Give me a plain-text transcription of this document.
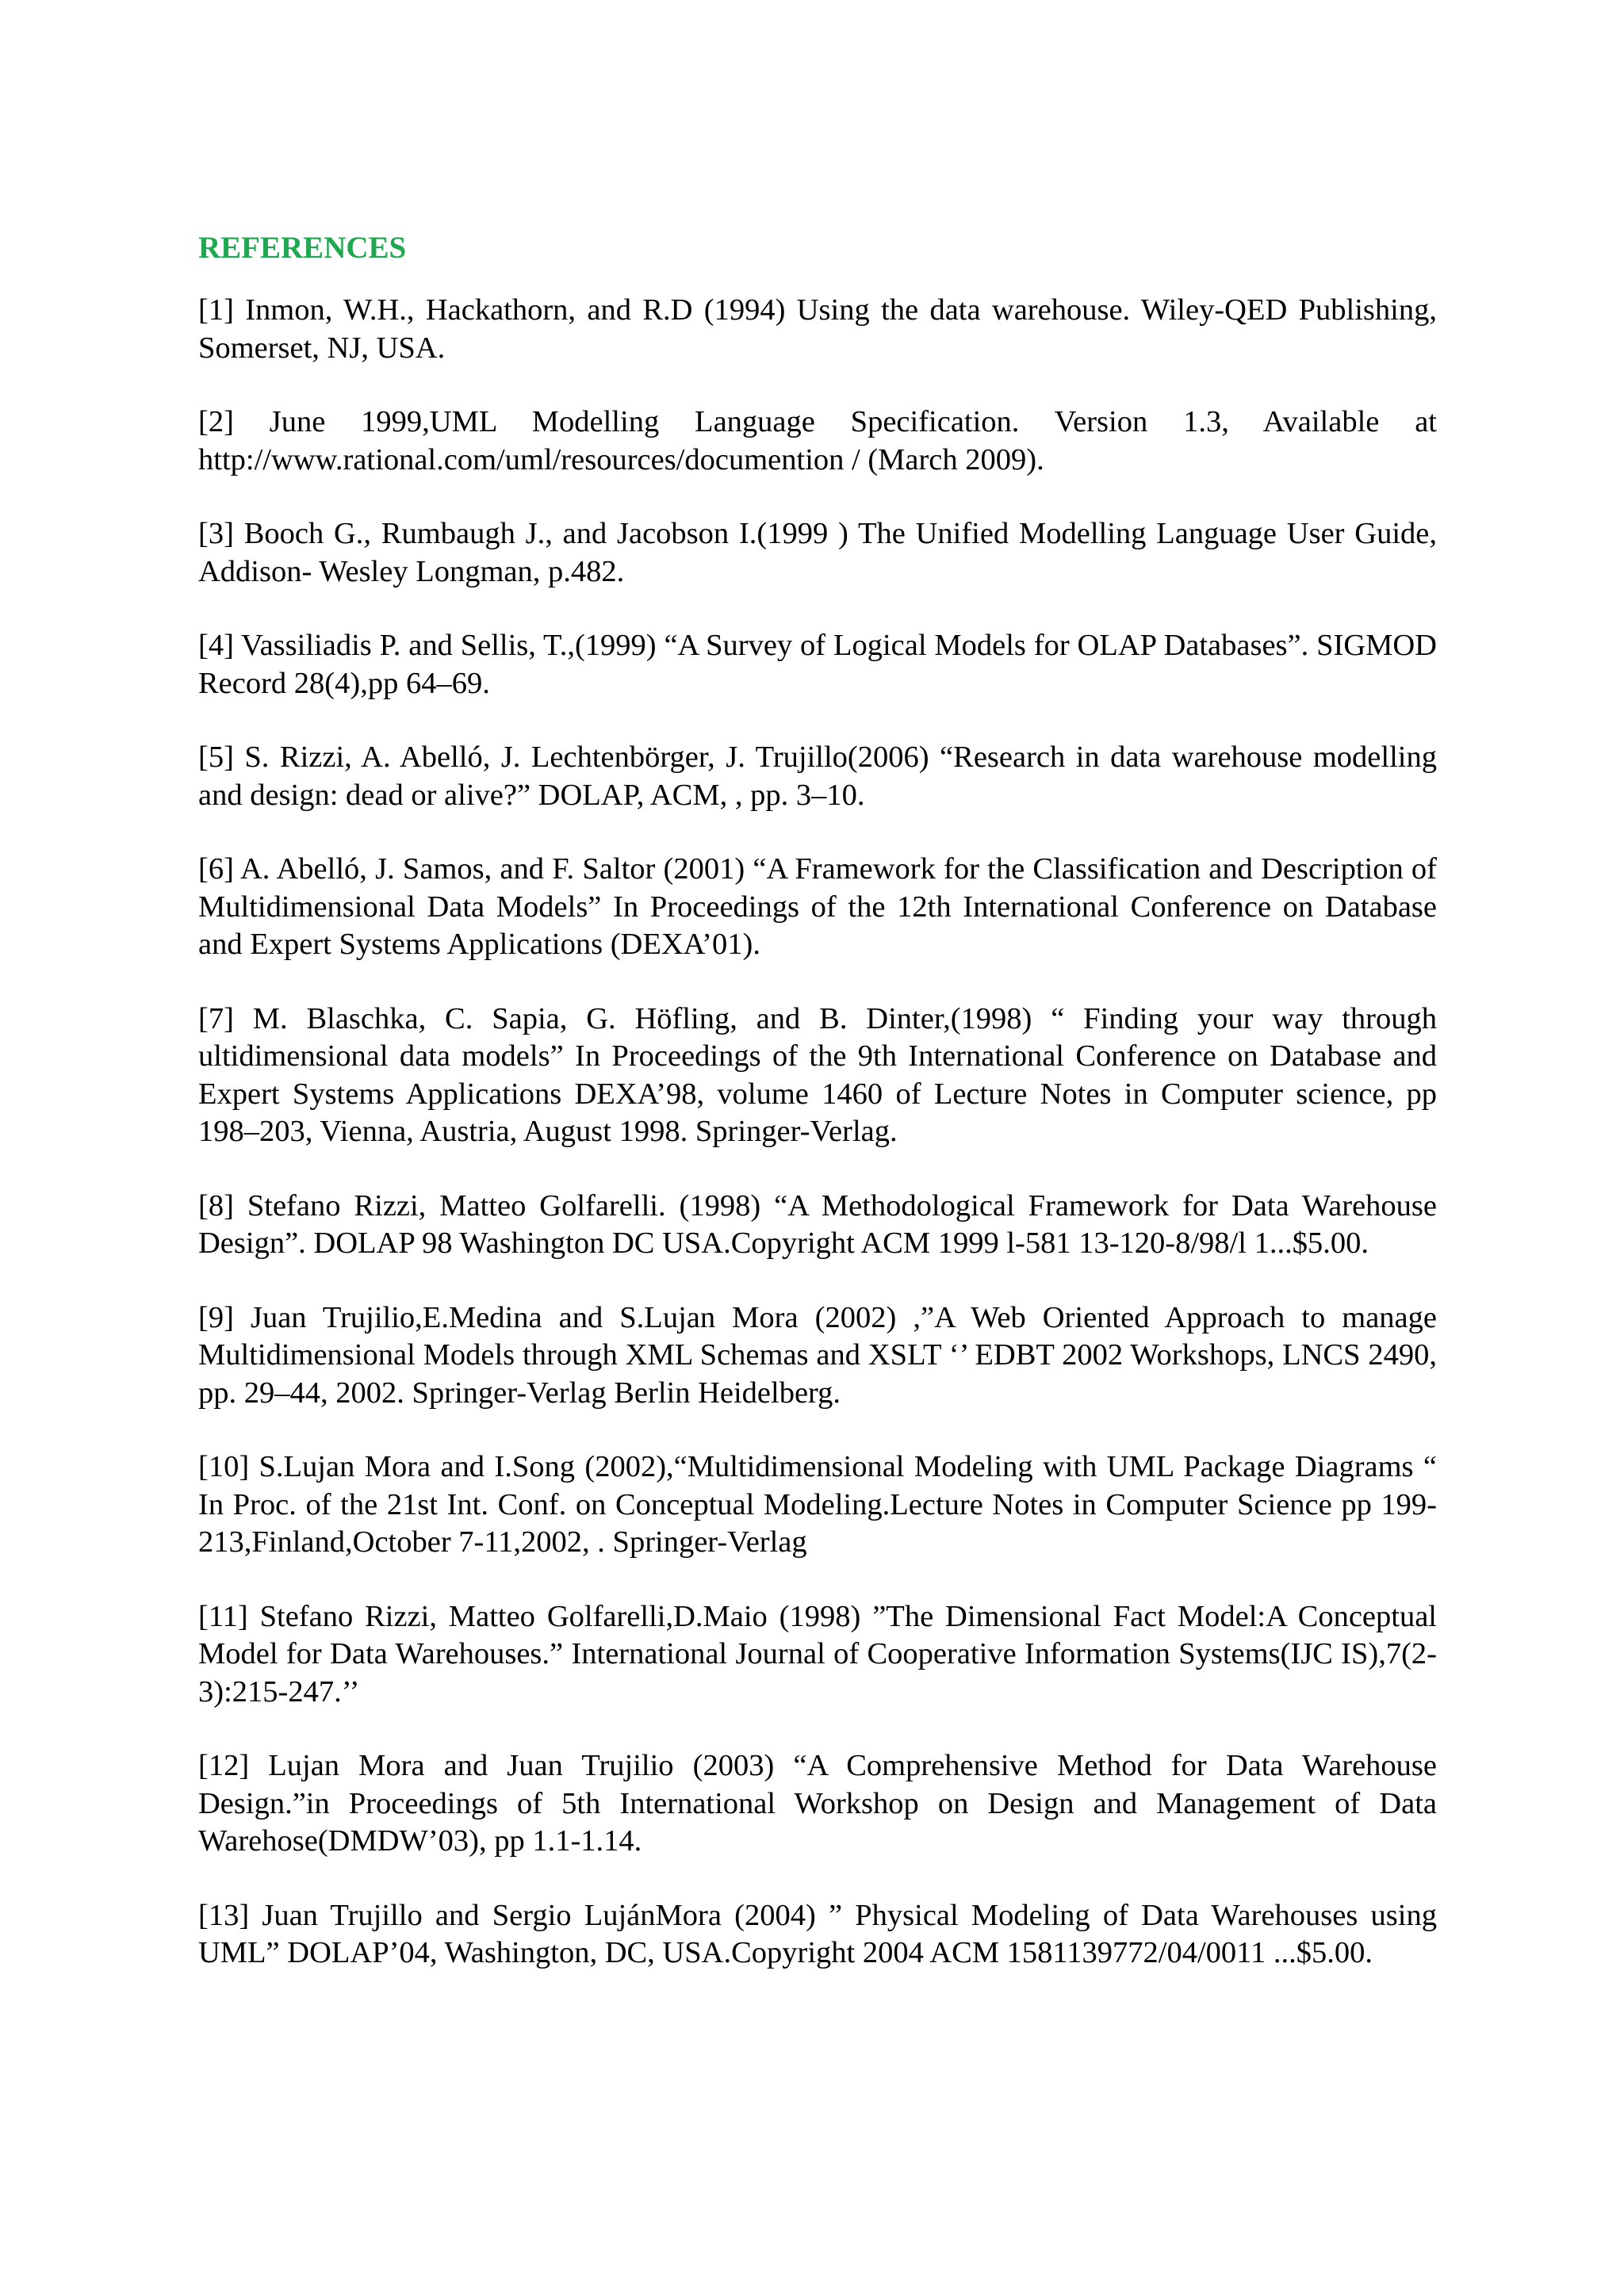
REFERENCES

[1] Inmon, W.H., Hackathorn, and R.D (1994) Using the data warehouse. Wiley-QED Publishing, Somerset, NJ, USA.

[2] June 1999,UML Modelling Language Specification. Version 1.3, Available at http://www.rational.com/uml/resources/documention / (March 2009).

[3] Booch G., Rumbaugh J., and Jacobson I.(1999 ) The Unified Modelling Language User Guide, Addison- Wesley Longman, p.482.

[4] Vassiliadis P. and Sellis, T.,(1999) “A Survey of Logical Models for OLAP Databases”. SIGMOD Record 28(4),pp 64–69.

[5] S. Rizzi, A. Abelló, J. Lechtenbörger, J. Trujillo(2006) “Research in data warehouse modelling and design: dead or alive?” DOLAP, ACM, , pp. 3–10.

[6] A. Abelló, J. Samos, and F. Saltor (2001) “A Framework for the Classification and Description of Multidimensional Data Models” In Proceedings of the 12th International Conference on Database and Expert Systems Applications (DEXA’01).

[7] M. Blaschka, C. Sapia, G. Höfling, and B. Dinter,(1998) “ Finding your way through ultidimensional data models” In Proceedings of the 9th International Conference on Database and Expert Systems Applications DEXA’98, volume 1460 of Lecture Notes in Computer science, pp 198–203, Vienna, Austria, August 1998. Springer-Verlag.

[8] Stefano Rizzi, Matteo Golfarelli. (1998) “A Methodological Framework for Data Warehouse Design”. DOLAP 98 Washington DC USA.Copyright ACM 1999 l-581 13-120-8/98/l 1...$5.00.

[9] Juan Trujilio,E.Medina and S.Lujan Mora (2002) ,”A Web Oriented Approach to manage Multidimensional Models through XML Schemas and XSLT ‘’ EDBT 2002 Workshops, LNCS 2490, pp. 29–44, 2002. Springer-Verlag Berlin Heidelberg.

[10] S.Lujan Mora and I.Song (2002),“Multidimensional Modeling with UML Package Diagrams “ In Proc. of the 21st Int. Conf. on Conceptual Modeling.Lecture Notes in Computer Science pp 199- 213,Finland,October 7-11,2002, . Springer-Verlag

[11] Stefano Rizzi, Matteo Golfarelli,D.Maio (1998) ”The Dimensional Fact Model:A Conceptual Model for Data Warehouses.” International Journal of Cooperative Information Systems(IJC IS),7(2- 3):215-247.’’

[12] Lujan Mora and Juan Trujilio (2003) “A Comprehensive Method for Data Warehouse Design.”in Proceedings of 5th International Workshop on Design and Management of Data Warehose(DMDW’03), pp 1.1-1.14.

[13] Juan Trujillo and Sergio LujánMora (2004) ” Physical Modeling of Data Warehouses using UML” DOLAP’04, Washington, DC, USA.Copyright 2004 ACM 1581139772/04/0011 ...$5.00.
